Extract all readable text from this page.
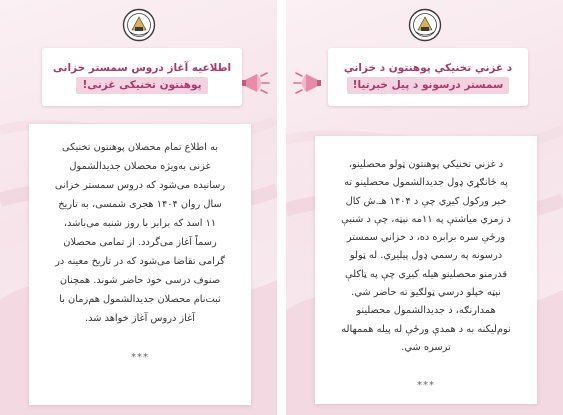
اطلاعیه آغاز دروس سمستر خزانی
پوهنتون تخنیکی غزنی!
به اطلاع تمام محصلان پوهنتون تخنیکی
غزنی به‌ویژه محصلان جدیدالشمول
رسانیده می‌شود که دروس سمستر خزانی
سال روان ۱۴۰۴ هجری شمسی، به تاریخ
۱۱ اسد که برابر با روز شنبه می‌باشد،
رسماً آغاز می‌گردد. از تمامی محصلان
گرامی تقاضا می‌شود که در تاریخ معینه در
صنوف درسی خود حاضر شوند. همچنان
ثبت‌نام محصلان جدیدالشمول هم‌زمان با
آغاز دروس آغاز خواهد شد.
***
د غزني تخنيکي پوهنتون د خزاني
سمستر درسونو د پیل خبرتیا!
د غزني تخنيکي پوهنتون ټولو محصلينو،
په ځانګړي ډول جديدالشمول محصلينو ته
خبر ورکول کيږي چې د ۱۴۰۴ هـ.ش کال
د زمري مياشتې په ۱۱مه نېټه، چې د شنبې
ورځې سره برابره ده، د خزاني سمستر
درسونه په رسمي ډول پيليږي. له ټولو
قدرمنو محصلينو هيله کيږي چې په ټاکلې
نېټه خپلو درسي ټولګيو ته حاضر شي.
همدارنګه، د جديدالشمول محصلينو
نوم‌ليکنه به د همدې ورځې له پيله هممهاله
ترسره شي.
***
